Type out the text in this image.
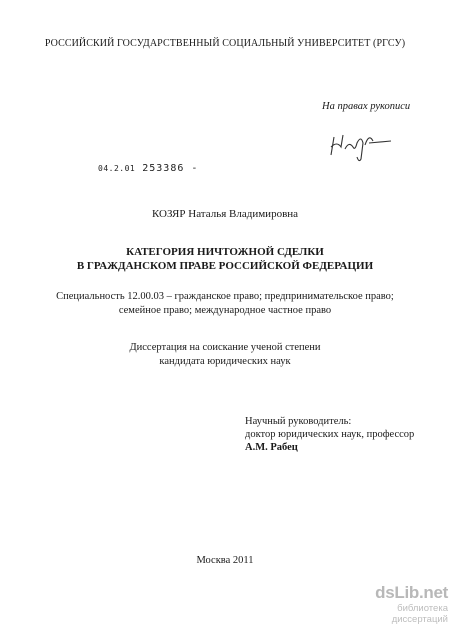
РОССИЙСКИЙ ГОСУДАРСТВЕННЫЙ СОЦИАЛЬНЫЙ УНИВЕРСИТЕТ (РГСУ)
На правах рукописи
04.2.01 253386 -
КОЗЯР Наталья Владимировна
КАТЕГОРИЯ НИЧТОЖНОЙ СДЕЛКИ
В ГРАЖДАНСКОМ ПРАВЕ РОССИЙСКОЙ ФЕДЕРАЦИИ
Специальность 12.00.03 – гражданское право; предпринимательское право;
семейное право; международное частное право
Диссертация на соискание ученой степени
кандидата юридических наук
Научный руководитель:
доктор юридических наук, профессор
А.М. Рабец
Москва 2011
dsLib.net
библиотека диссертаций
